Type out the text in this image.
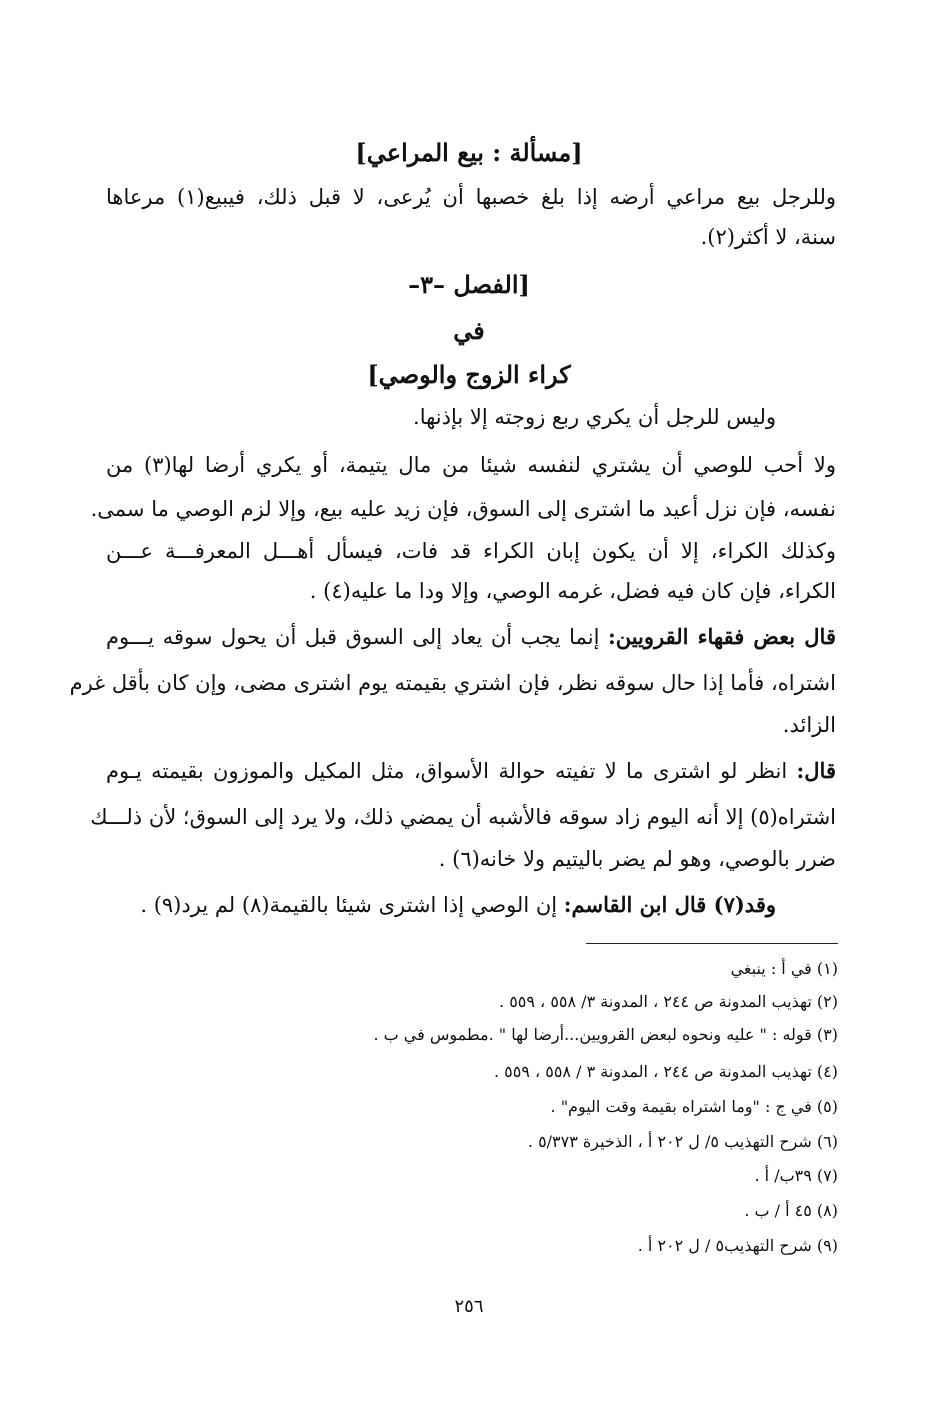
[مسألة : بيع المراعي]
وللرجل بيع مراعي أرضه إذا بلغ خصبها أن يُرعى، لا قبل ذلك، فيبيع(١) مرعاها
سنة، لا أكثر(٢).
[الفصل –٣–
في
كراء الزوج والوصي]
وليس للرجل أن يكري ربع زوجته إلا بإذنها.
ولا أحب للوصي أن يشتري لنفسه شيئا من مال يتيمة، أو يكري أرضا لها(٣) من
نفسه، فإن نزل أعيد ما اشترى إلى السوق، فإن زيد عليه بيع، وإلا لزم الوصي ما سمى.
وكذلك الكراء، إلا أن يكون إبان الكراء قد فات، فيسأل أهـــل المعرفـــة عـــن
الكراء، فإن كان فيه فضل، غرمه الوصي، وإلا ودا ما عليه(٤) .
قال بعض فقهاء القرويين: إنما يجب أن يعاد إلى السوق قبل أن يحول سوقه يـــوم
اشتراه، فأما إذا حال سوقه نظر، فإن اشتري بقيمته يوم اشترى مضى، وإن كان بأقل غرم
الزائد.
قال: انظر لو اشترى ما لا تفيته حوالة الأسواق، مثل المكيل والموزون بقيمته يـوم
اشتراه(٥) إلا أنه اليوم زاد سوقه فالأشبه أن يمضي ذلك، ولا يرد إلى السوق؛ لأن ذلـــك
ضرر بالوصي، وهو لم يضر باليتيم ولا خانه(٦) .
وقد(٧) قال ابن القاسم: إن الوصي إذا اشترى شيئا بالقيمة(٨) لم يرد(٩) .
(١) في أ : ينبغي
(٢) تهذيب المدونة ص ٢٤٤ ، المدونة ٣/ ٥٥٨ ، ٥٥٩ .
(٣) قوله : " عليه ونحوه لبعض القرويين...أرضا لها " .مطموس في ب .
(٤) تهذيب المدونة ص ٢٤٤ ، المدونة ٣ / ٥٥٨ ، ٥٥٩ .
(٥) في ج : "وما اشتراه بقيمة وقت اليوم" .
(٦) شرح التهذيب ٥/ ل ٢٠٢ أ ، الذخيرة ٥/٣٧٣ .
(٧) ٣٩ب/ أ .
(٨) ٤٥ أ / ب .
(٩) شرح التهذيب٥ / ل ٢٠٢ أ .
٢٥٦
